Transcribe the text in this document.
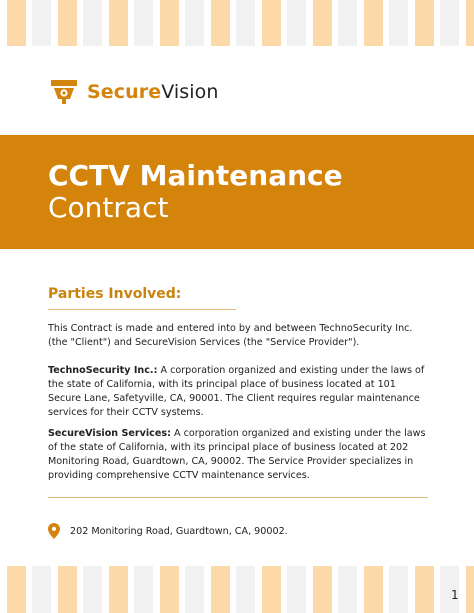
SecureVision
CCTV Maintenance
Contract
Parties Involved:

This Contract is made and entered into by and between TechnoSecurity Inc. (the "Client") and SecureVision Services (the "Service Provider").

TechnoSecurity Inc.: A corporation organized and existing under the laws of the state of California, with its principal place of business located at 101 Secure Lane, Safetyville, CA, 90001. The Client requires regular maintenance services for their CCTV systems.

SecureVision Services: A corporation organized and existing under the laws of the state of California, with its principal place of business located at 202 Monitoring Road, Guardtown, CA, 90002. The Service Provider specializes in providing comprehensive CCTV maintenance services.

202 Monitoring Road, Guardtown, CA, 90002.
1
